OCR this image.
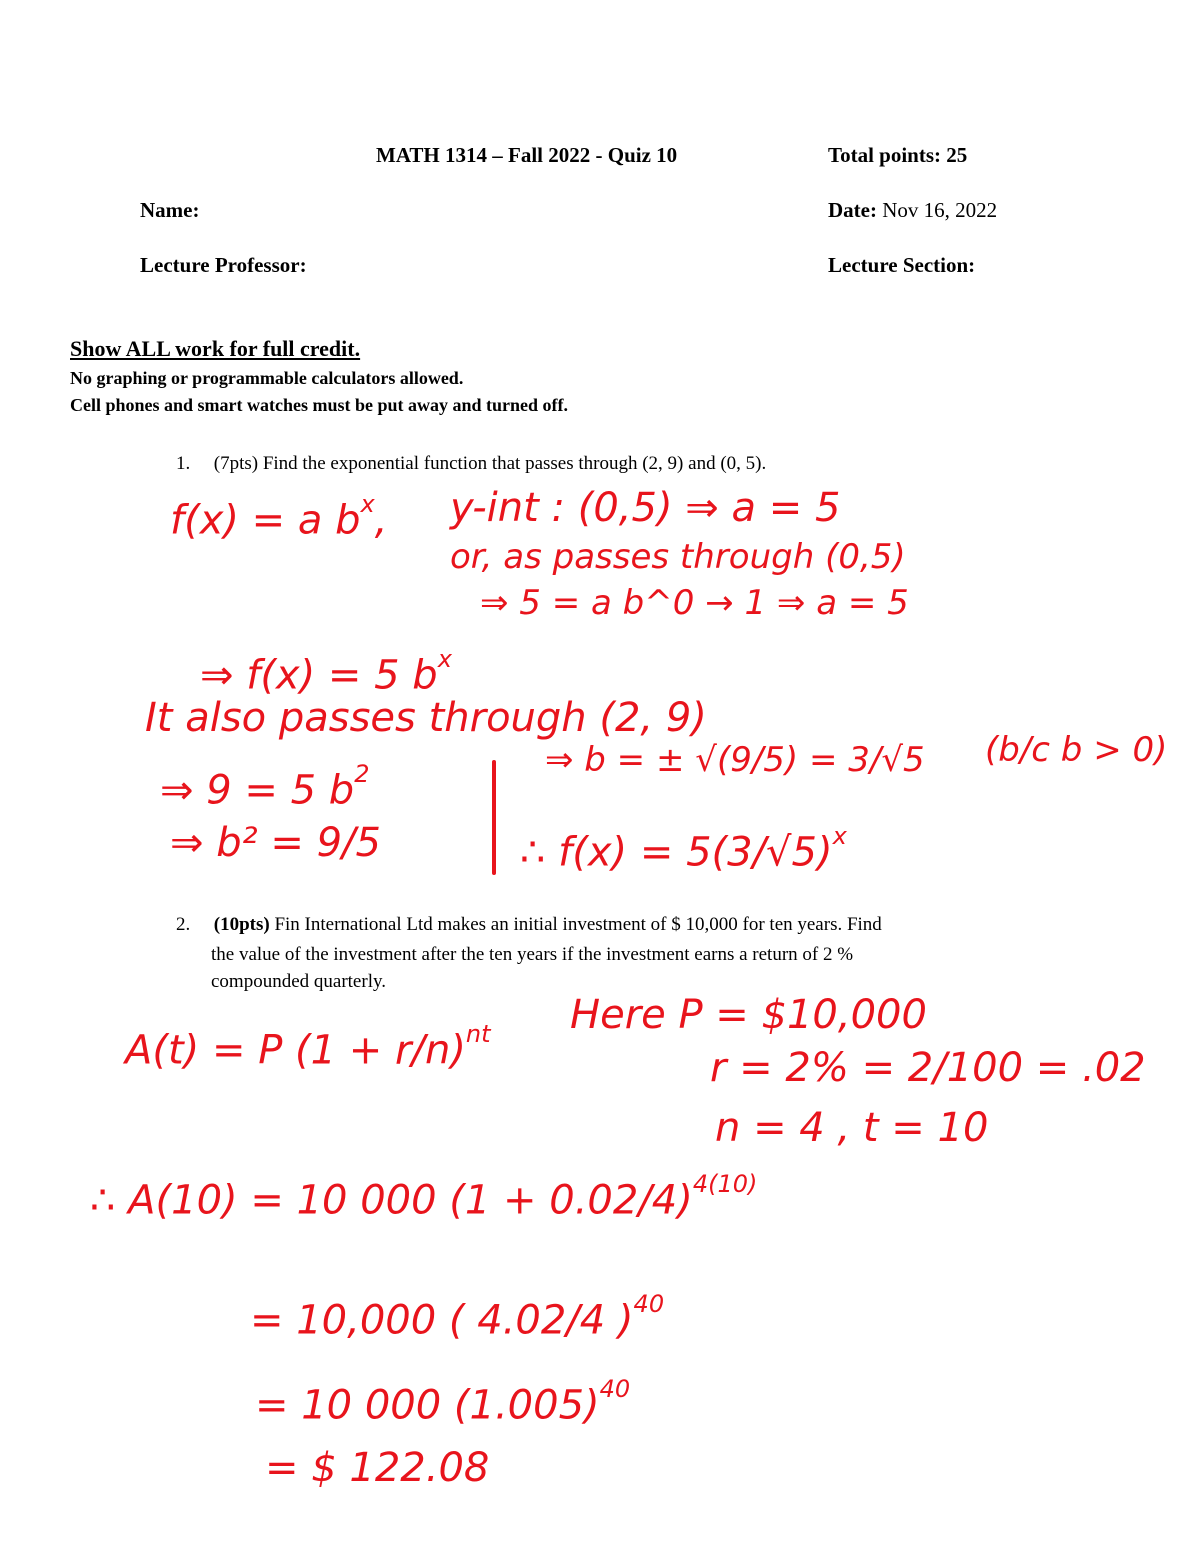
MATH 1314 – Fall 2022 - Quiz 10	Total points: 25
Name:	Date: Nov 16, 2022
Lecture Professor:	Lecture Section:
Show ALL work for full credit.
No graphing or programmable calculators allowed.
Cell phones and smart watches must be put away and turned off.
1. (7pts) Find the exponential function that passes through (2, 9) and (0, 5).
f(x) = a $b^x$, y-int : (0,5) ⇒ a = 5
or, as passes through (0,5)
⇒ 5 = a b^0 → 1 ⇒ a = 5
⇒ f(x) = 5 $b^x$
It also passes through (2, 9)
⇒ 9 = 5 $b^2$
⇒ b² = 9/5
⇒ b = ± √(9/5) = 3/√5 (b/c b > 0)
∴ $f(x) = 5(3/√5)^x$
2. (10pts) Fin International Ltd makes an initial investment of $ 10,000 for ten years. Find
the value of the investment after the ten years if the investment earns a return of 2 %
compounded quarterly.
A(t) = P $(1 + r/n)^{nt}$ Here P = $10,000
r = 2% = 2/100 = .02
n = 4 , t = 10
∴ A(10) = 10 000 $(1 + 0.02/4)^{4(10)}$
= 10,000 ( 4.02/4 )$^{40}$
= 10 000 $(1.005)^{40}$
= $ 122.08
